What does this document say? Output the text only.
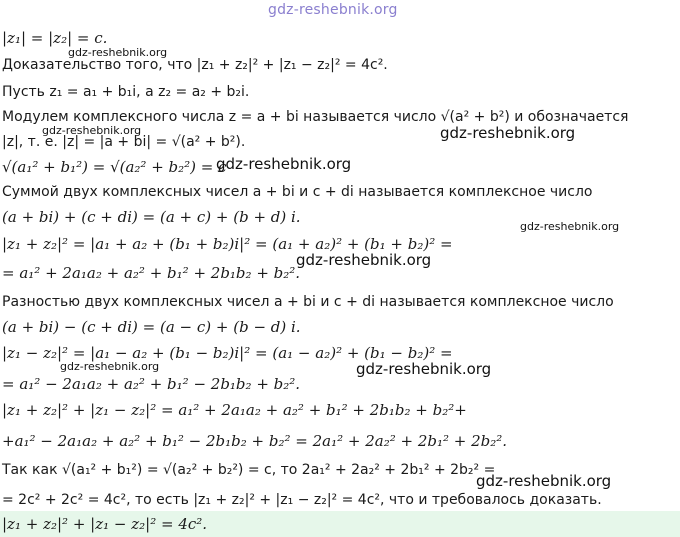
gdz-reshebnik.org
|z₁| = |z₂| = c.
gdz-reshebnik.org
Доказательство того, что |z₁ + z₂|² + |z₁ − z₂|² = 4c².
Пусть z₁ = a₁ + b₁i, а z₂ = a₂ + b₂i.
Модулем комплексного числа z = a + bi называется число √(a² + b²) и обозначается
gdz-reshebnik.org	gdz-reshebnik.org
|z|, т. е. |z| = |a + bi| = √(a² + b²).
√(a₁² + b₁²) = √(a₂² + b₂²) = c
gdz-reshebnik.org
Суммой двух комплексных чисел a + bi и c + di называется комплексное число
(a + bi) + (c + di) = (a + c) + (b + d) i.
gdz-reshebnik.org
|z₁ + z₂|² = |a₁ + a₂ + (b₁ + b₂)i|² = (a₁ + a₂)² + (b₁ + b₂)² =
gdz-reshebnik.org
= a₁² + 2a₁a₂ + a₂² + b₁² + 2b₁b₂ + b₂².
Разностью двух комплексных чисел a + bi и c + di называется комплексное число
(a + bi) − (c + di) = (a − c) + (b − d) i.
|z₁ − z₂|² = |a₁ − a₂ + (b₁ − b₂)i|² = (a₁ − a₂)² + (b₁ − b₂)² =
gdz-reshebnik.org	gdz-reshebnik.org
= a₁² − 2a₁a₂ + a₂² + b₁² − 2b₁b₂ + b₂².
|z₁ + z₂|² + |z₁ − z₂|² = a₁² + 2a₁a₂ + a₂² + b₁² + 2b₁b₂ + b₂²+
+a₁² − 2a₁a₂ + a₂² + b₁² − 2b₁b₂ + b₂² = 2a₁² + 2a₂² + 2b₁² + 2b₂².
Так как √(a₁² + b₁²) = √(a₂² + b₂²) = c, то 2a₁² + 2a₂² + 2b₁² + 2b₂² =
gdz-reshebnik.org
= 2c² + 2c² = 4c², то есть |z₁ + z₂|² + |z₁ − z₂|² = 4c², что и требовалось доказать.
|z₁ + z₂|² + |z₁ − z₂|² = 4c².
